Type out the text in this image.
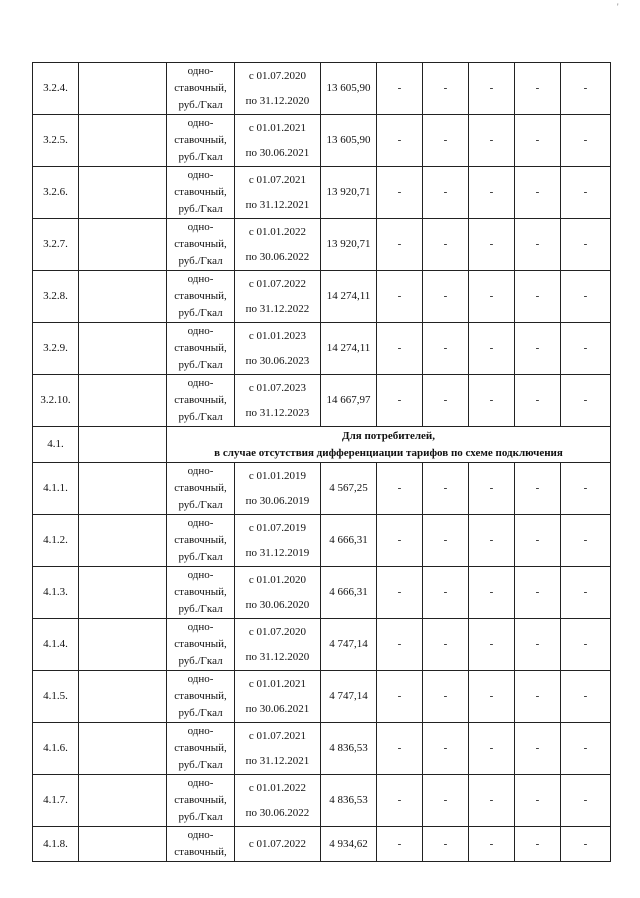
'
3.2.4.		одно-
ставочный,
руб./Гкал	с 01.07.2020
по 31.12.2020	13 605,90	-	-	-	-	-
3.2.5.		одно-
ставочный,
руб./Гкал	с 01.01.2021
по 30.06.2021	13 605,90	-	-	-	-	-
3.2.6.		одно-
ставочный,
руб./Гкал	с 01.07.2021
по 31.12.2021	13 920,71	-	-	-	-	-
3.2.7.		одно-
ставочный,
руб./Гкал	с 01.01.2022
по 30.06.2022	13 920,71	-	-	-	-	-
3.2.8.		одно-
ставочный,
руб./Гкал	с 01.07.2022
по 31.12.2022	14 274,11	-	-	-	-	-
3.2.9.		одно-
ставочный,
руб./Гкал	с 01.01.2023
по 30.06.2023	14 274,11	-	-	-	-	-
3.2.10.		одно-
ставочный,
руб./Гкал	с 01.07.2023
по 31.12.2023	14 667,97	-	-	-	-	-
4.1.		Для потребителей,
в случае отсутствия дифференциации тарифов по схеме подключения							

4.1.1.		одно-
ставочный,
руб./Гкал	с 01.01.2019
по 30.06.2019	4 567,25	-	-	-	-	-
4.1.2.		одно-
ставочный,
руб./Гкал	с 01.07.2019
по 31.12.2019	4 666,31	-	-	-	-	-
4.1.3.		одно-
ставочный,
руб./Гкал	с 01.01.2020
по 30.06.2020	4 666,31	-	-	-	-	-
4.1.4.		одно-
ставочный,
руб./Гкал	с 01.07.2020
по 31.12.2020	4 747,14	-	-	-	-	-
4.1.5.		одно-
ставочный,
руб./Гкал	с 01.01.2021
по 30.06.2021	4 747,14	-	-	-	-	-
4.1.6.		одно-
ставочный,
руб./Гкал	с 01.07.2021
по 31.12.2021	4 836,53	-	-	-	-	-
4.1.7.		одно-
ставочный,
руб./Гкал	с 01.01.2022
по 30.06.2022	4 836,53	-	-	-	-	-
4.1.8.		одно-
ставочный,	с 01.07.2022	4 934,62	-	-	-	-	-
